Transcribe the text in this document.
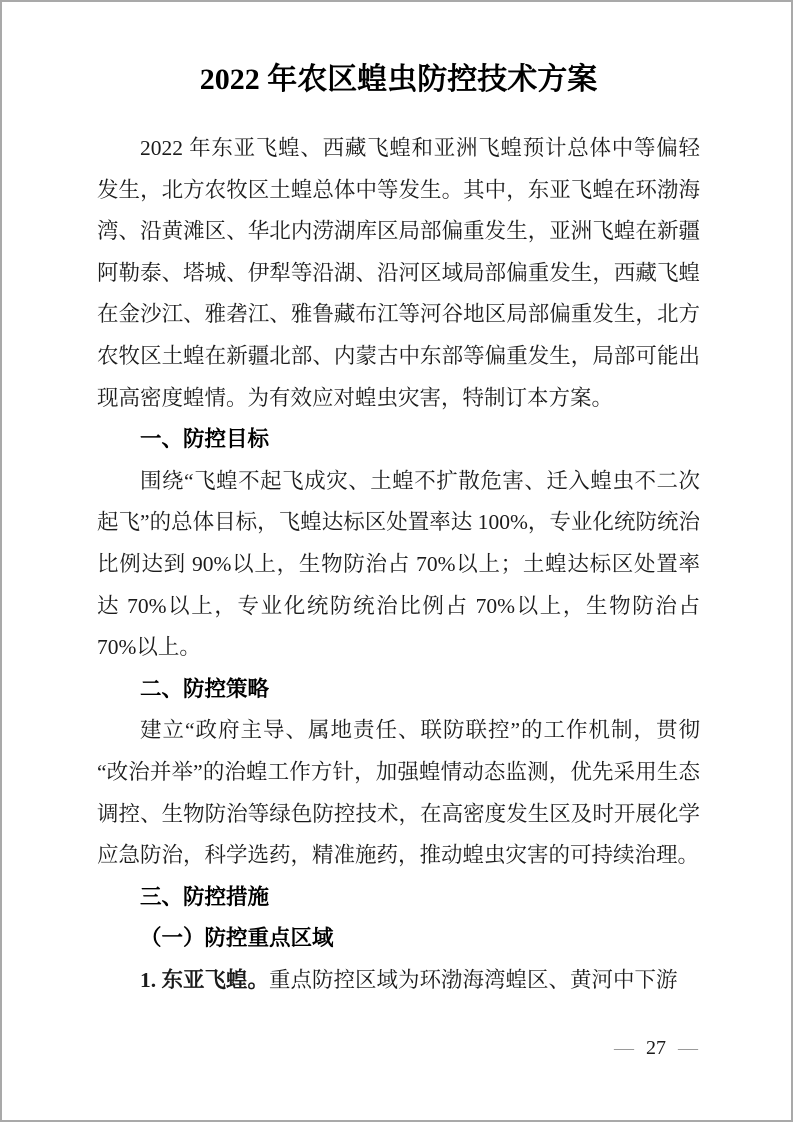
2022 年农区蝗虫防控技术方案

2022 年东亚飞蝗、西藏飞蝗和亚洲飞蝗预计总体中等偏轻发生，北方农牧区土蝗总体中等发生。其中，东亚飞蝗在环渤海湾、沿黄滩区、华北内涝湖库区局部偏重发生，亚洲飞蝗在新疆阿勒泰、塔城、伊犁等沿湖、沿河区域局部偏重发生，西藏飞蝗在金沙江、雅砻江、雅鲁藏布江等河谷地区局部偏重发生，北方农牧区土蝗在新疆北部、内蒙古中东部等偏重发生，局部可能出现高密度蝗情。为有效应对蝗虫灾害，特制订本方案。

一、防控目标

围绕“飞蝗不起飞成灾、土蝗不扩散危害、迁入蝗虫不二次起飞”的总体目标，飞蝗达标区处置率达 100%，专业化统防统治比例达到 90%以上，生物防治占 70%以上；土蝗达标区处置率达 70%以上，专业化统防统治比例占 70%以上，生物防治占 70%以上。

二、防控策略

建立“政府主导、属地责任、联防联控”的工作机制，贯彻“改治并举”的治蝗工作方针，加强蝗情动态监测，优先采用生态调控、生物防治等绿色防控技术，在高密度发生区及时开展化学应急防治，科学选药，精准施药，推动蝗虫灾害的可持续治理。

三、防控措施
（一）防控重点区域

1. 东亚飞蝗。重点防控区域为环渤海湾蝗区、黄河中下游

— 27 —
